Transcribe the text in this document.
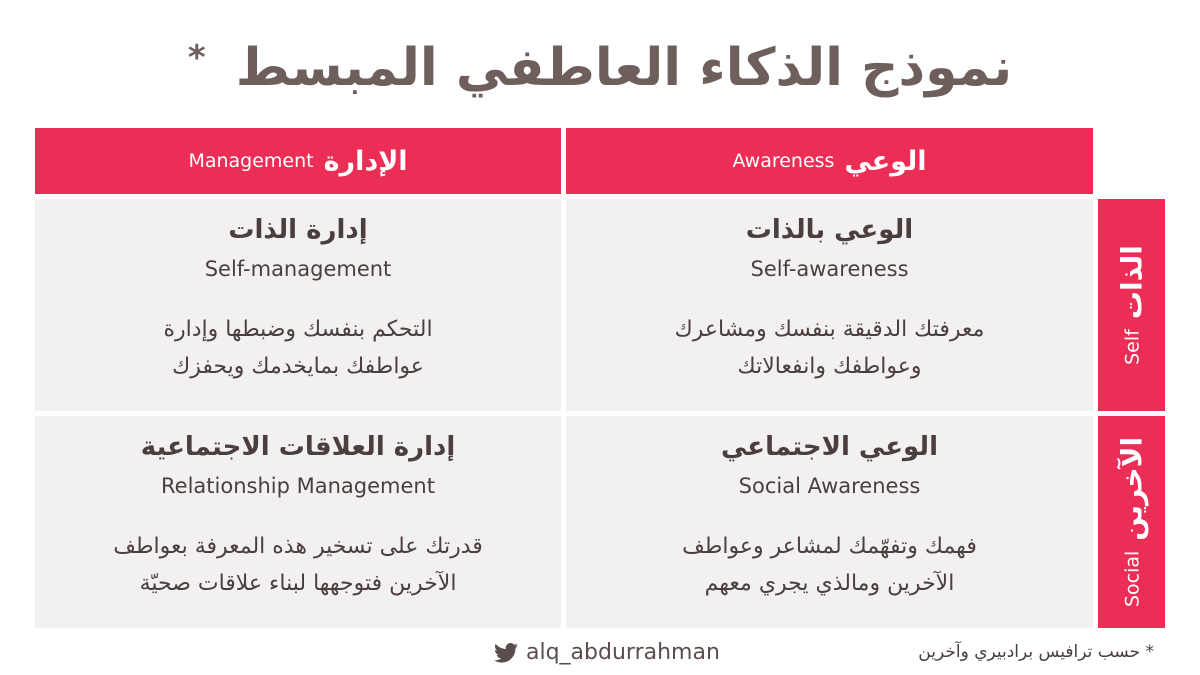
نموذج الذكاء العاطفي المبسط *
Management الإدارة	Awareness الوعي
إدارة الذات
Self-management
التحكم بنفسك وضبطها وإدارة
عواطفك بمايخدمك ويحفزك
الوعي بالذات
Self-awareness
معرفتك الدقيقة بنفسك ومشاعرك
وعواطفك وانفعالاتك
إدارة العلاقات الاجتماعية
Relationship Management
قدرتك على تسخير هذه المعرفة بعواطف
الآخرين فتوجهها لبناء علاقات صحيّة
الوعي الاجتماعي
Social Awareness
فهمك وتفهّمك لمشاعر وعواطف
الآخرين ومالذي يجري معهم
Self
الذات
Social
الآخرين
alq_abdurrahman	* حسب ترافيس برادبيري وآخرين
